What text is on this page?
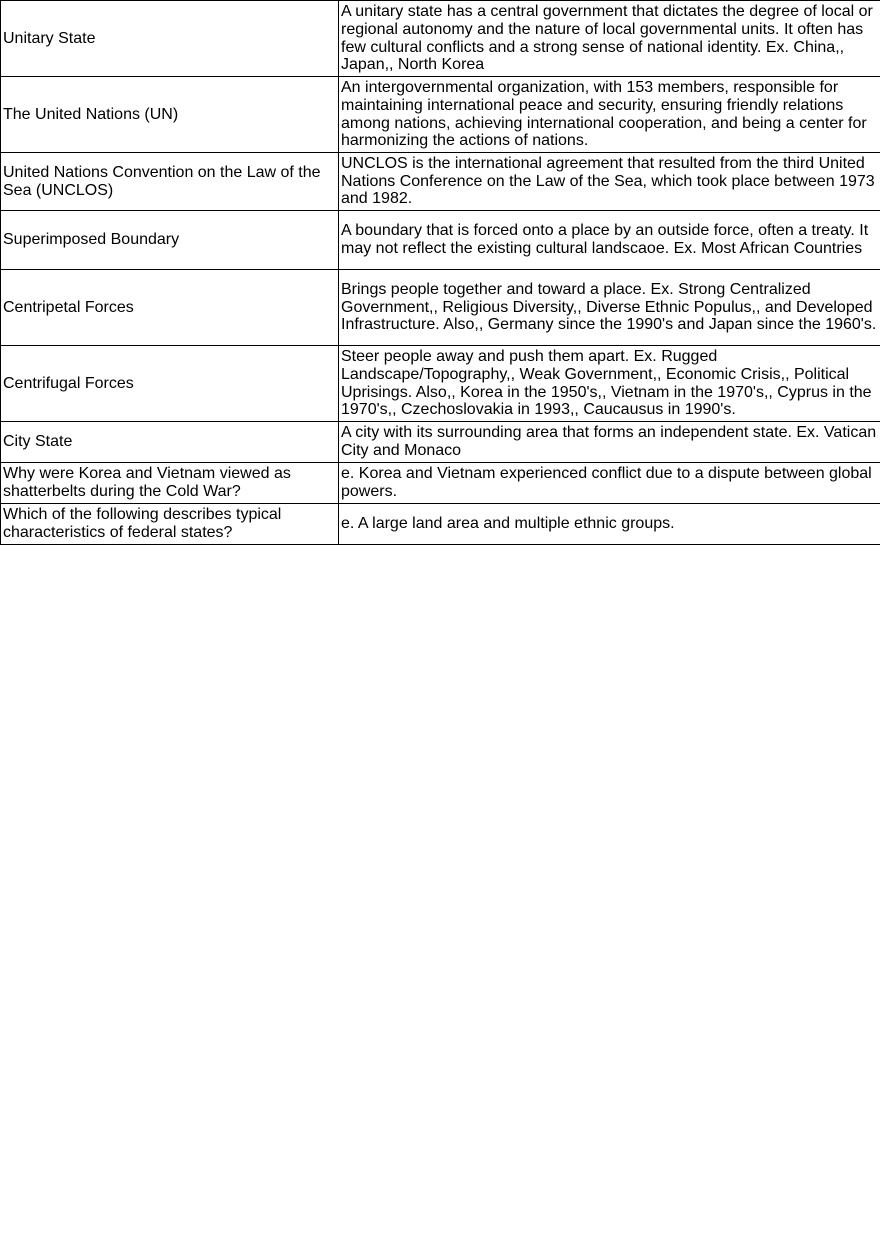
Unitary State	A unitary state has a central government that dictates the degree of local or regional autonomy and the nature of local governmental units. It often has few cultural conflicts and a strong sense of national identity. Ex. China,, Japan,, North Korea
The United Nations (UN)	An intergovernmental organization, with 153 members, responsible for maintaining international peace and security, ensuring friendly relations among nations, achieving international cooperation, and being a center for harmonizing the actions of nations.
United Nations Convention on the Law of the Sea (UNCLOS)	UNCLOS is the international agreement that resulted from the third United Nations Conference on the Law of the Sea, which took place between 1973 and 1982.
Superimposed Boundary	A boundary that is forced onto a place by an outside force, often a treaty. It may not reflect the existing cultural landscaoe. Ex. Most African Countries
Centripetal Forces	Brings people together and toward a place. Ex. Strong Centralized Government,, Religious Diversity,, Diverse Ethnic Populus,, and Developed Infrastructure. Also,, Germany since the 1990's and Japan since the 1960's.
Centrifugal Forces	Steer people away and push them apart. Ex. Rugged Landscape/Topography,, Weak Government,, Economic Crisis,, Political Uprisings. Also,, Korea in the 1950's,, Vietnam in the 1970's,, Cyprus in the 1970's,, Czechoslovakia in 1993,, Caucausus in 1990's.
City State	A city with its surrounding area that forms an independent state. Ex. Vatican City and Monaco
Why were Korea and Vietnam viewed as shatterbelts during the Cold War?	e. Korea and Vietnam experienced conflict due to a dispute between global powers.
Which of the following describes typical characteristics of federal states?	e. A large land area and multiple ethnic groups.
